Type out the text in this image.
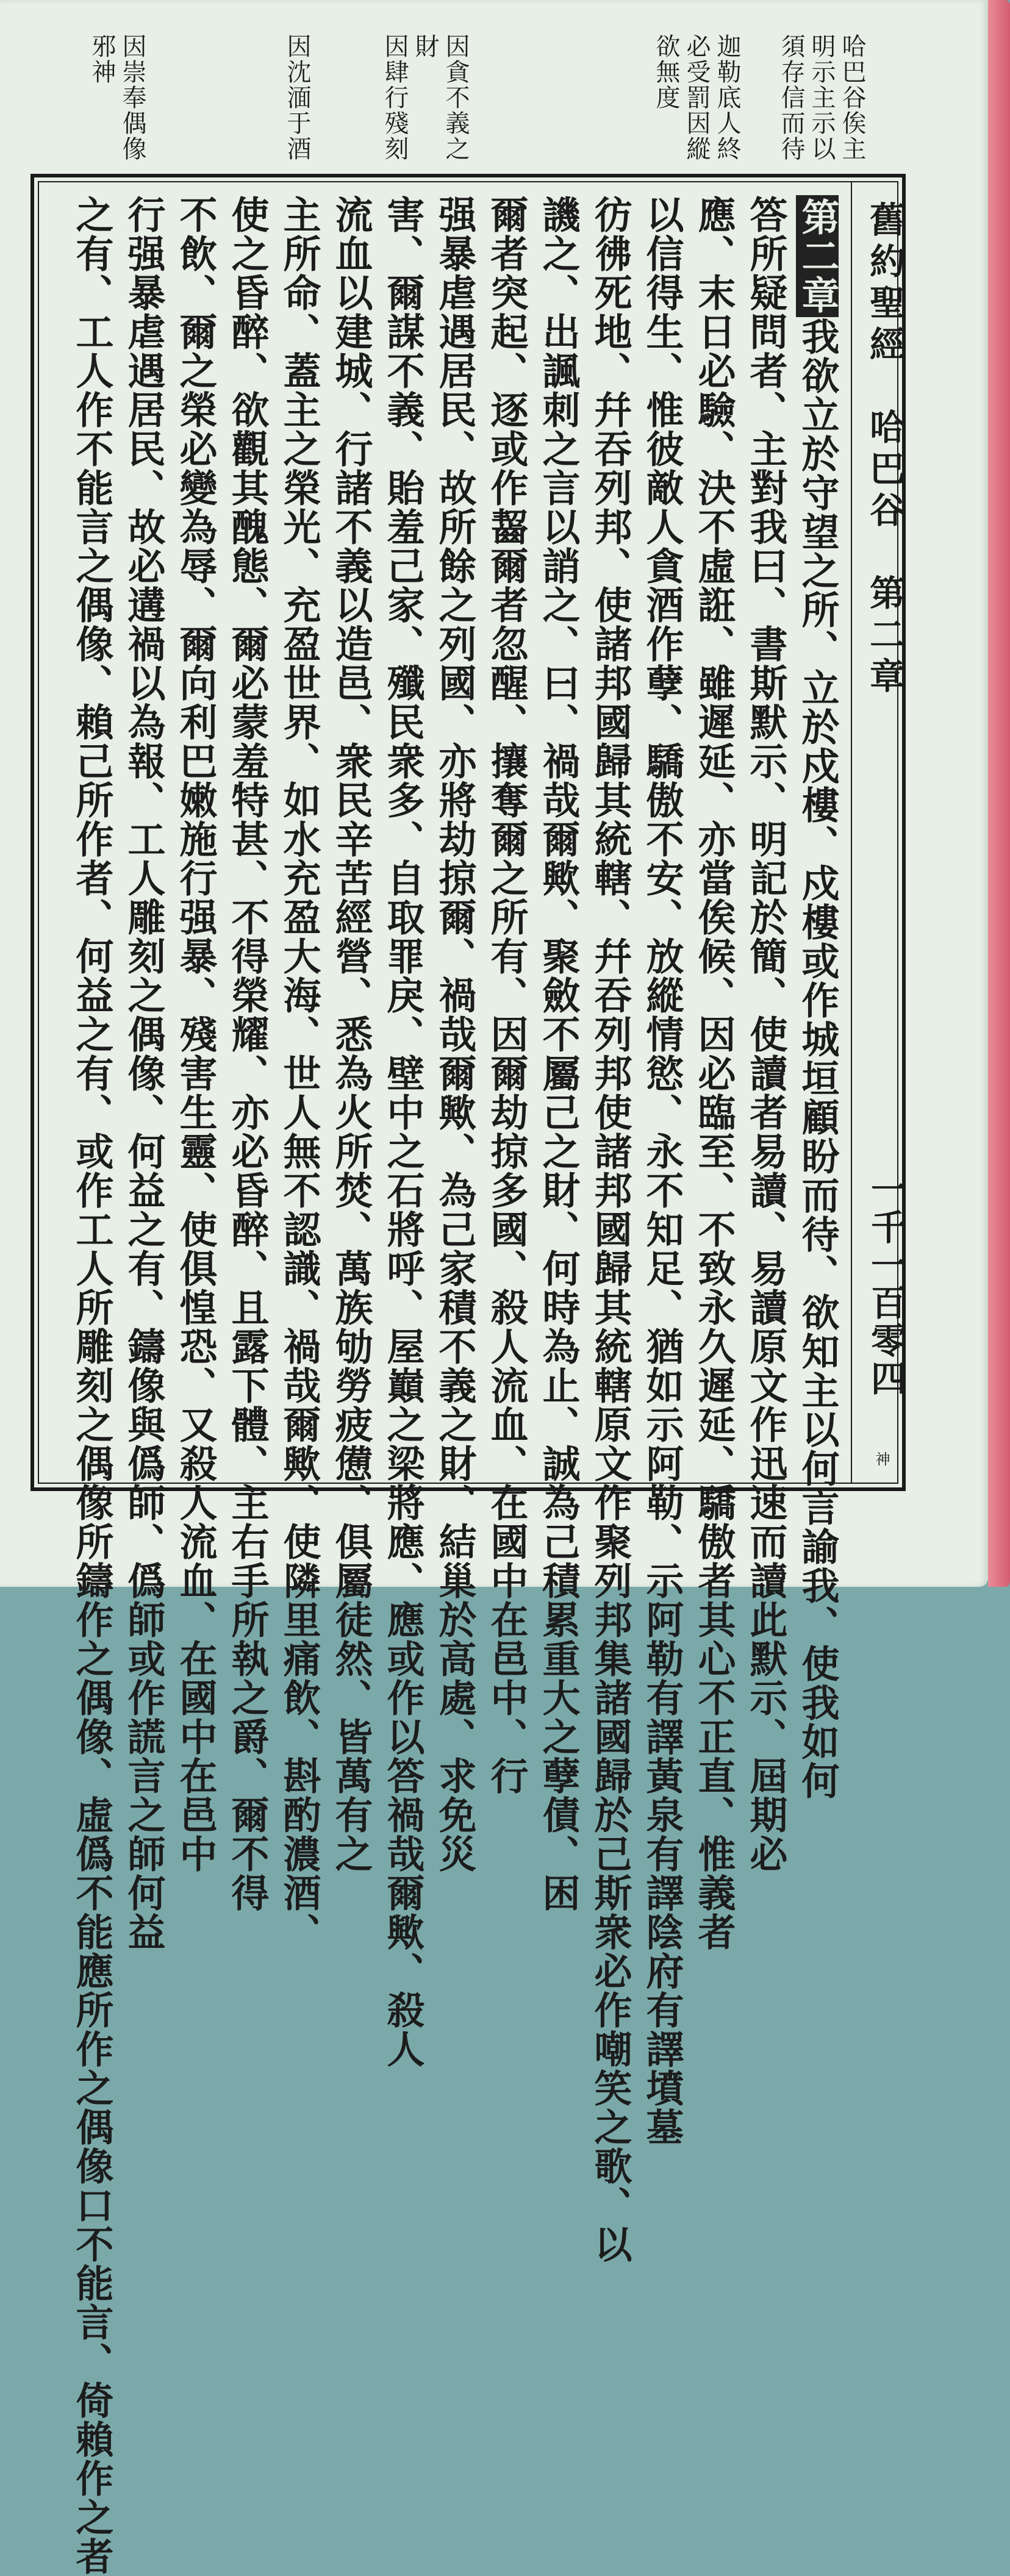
哈巴谷俟主
明示主示以
須存信而待
迦勒底人終
必受罰因縱
欲無度
因貪不義之
財
因肆行殘刻
因沈湎于酒
因崇奉偶像
邪神
舊約聖經　哈巴谷　第二章
一千一百零四
神
第二章我欲立於守望之所、立於戍樓、戍樓或作城垣顧盼而待、欲知主以何言諭我、使我如何
答所疑問者、主對我曰、書斯默示、明記於簡、使讀者易讀、易讀原文作迅速而讀此默示、屆期必
應、末日必驗、決不虛誑、雖遲延、亦當俟候、因必臨至、不致永久遲延、驕傲者其心不正直、惟義者
以信得生、惟彼敵人貪酒作孽、驕傲不安、放縱情慾、永不知足、猶如示阿勒、示阿勒有譯黃泉有譯陰府有譯墳墓
彷彿死地、幷吞列邦、使諸邦國歸其統轄、幷吞列邦使諸邦國歸其統轄原文作聚列邦集諸國歸於己斯衆必作嘲笑之歌、以
譏之、出諷刺之言以誚之、曰、禍哉爾歟、聚斂不屬己之財、何時為止、誠為己積累重大之孽債、困
爾者突起、逐或作齧爾者忽醒、攘奪爾之所有、因爾劫掠多國、殺人流血、在國中在邑中、行
强暴虐遇居民、故所餘之列國、亦將劫掠爾、禍哉爾歟、為己家積不義之財、結巢於高處、求免災
害、爾謀不義、貽羞己家、殲民衆多、自取罪戾、壁中之石將呼、屋巔之梁將應、應或作以答禍哉爾歟、殺人
流血以建城、行諸不義以造邑、衆民辛苦經營、悉為火所焚、萬族劬勞疲憊、俱屬徒然、皆萬有之
主所命、蓋主之榮光、充盈世界、如水充盈大海、世人無不認識、禍哉爾歟、使隣里痛飲、斟酌濃酒、
使之昏醉、欲觀其醜態、爾必蒙羞特甚、不得榮耀、亦必昏醉、且露下體、主右手所執之爵、爾不得
不飲、爾之榮必變為辱、爾向利巴嫩施行强暴、殘害生靈、使俱惶恐、又殺人流血、在國中在邑中
行强暴虐遇居民、故必遘禍以為報、工人雕刻之偶像、何益之有、鑄像與僞師、僞師或作謊言之師何益
之有、工人作不能言之偶像、賴己所作者、何益之有、或作工人所雕刻之偶像所鑄作之偶像、虛僞不能應所作之偶像口不能言、倚賴作之者
